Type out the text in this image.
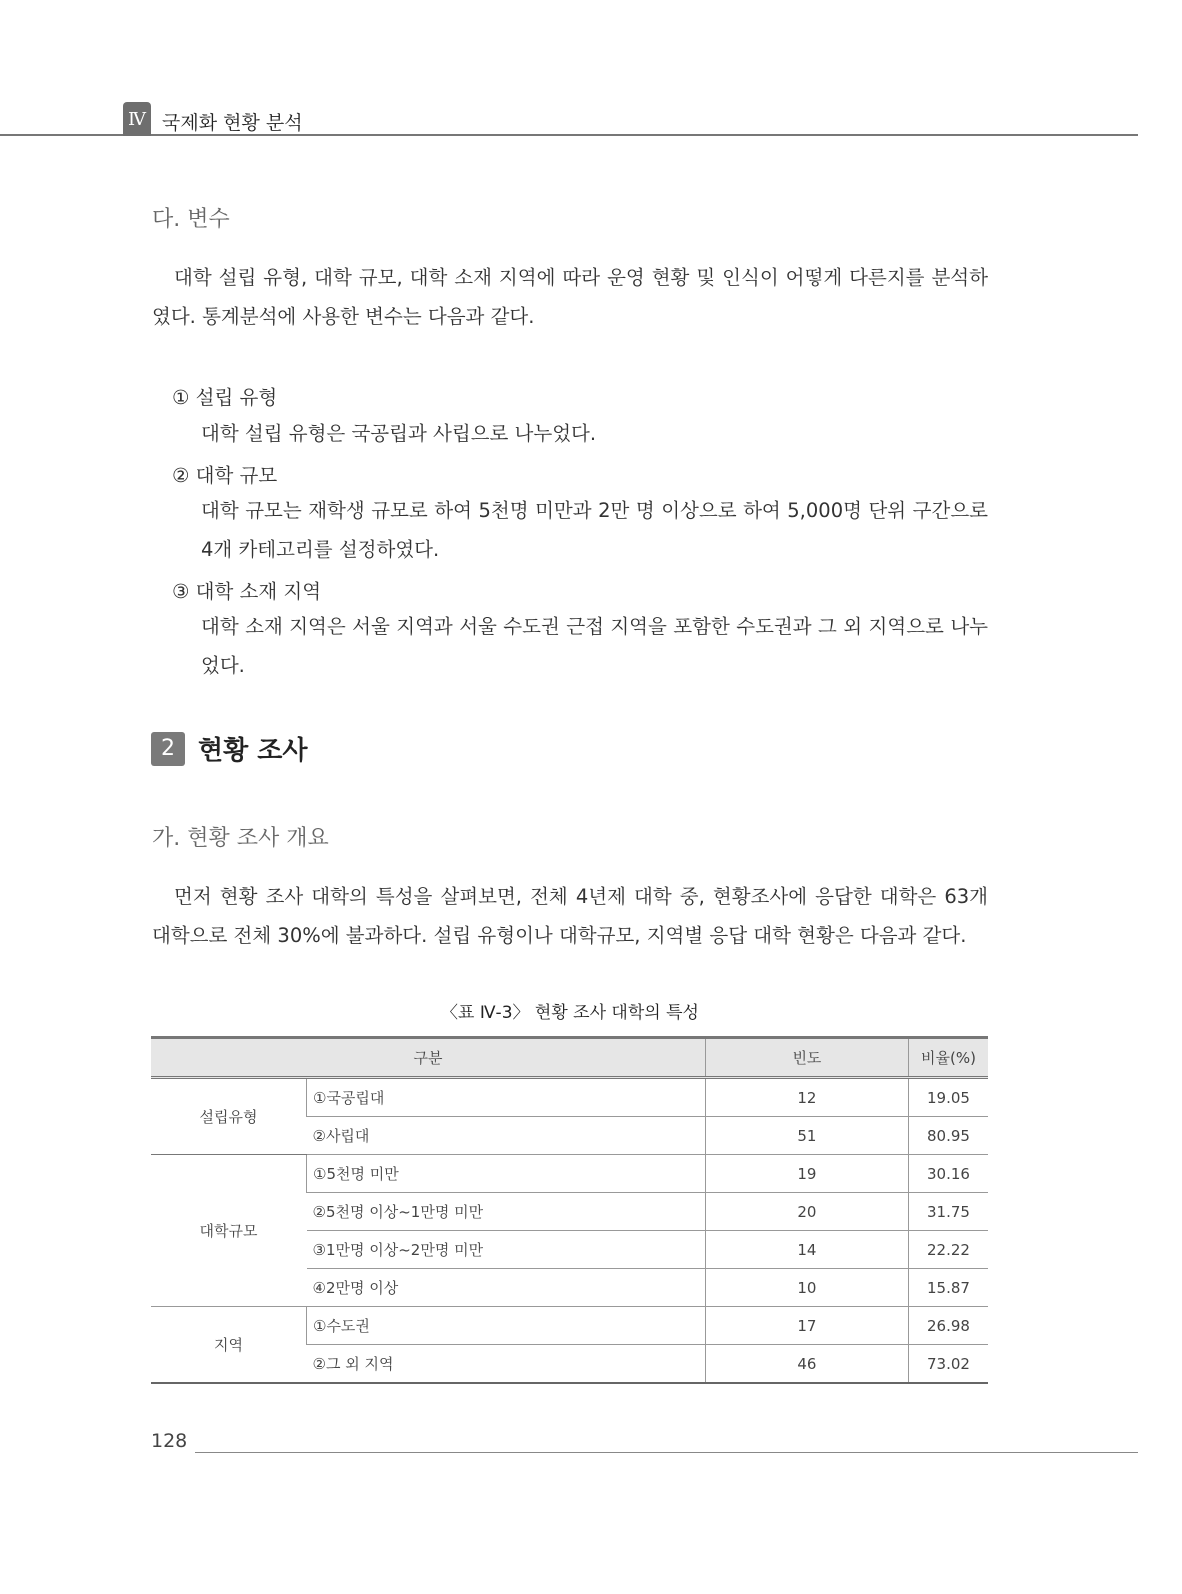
Ⅳ 국제화 현황 분석
다. 변수
대학 설립 유형, 대학 규모, 대학 소재 지역에 따라 운영 현황 및 인식이 어떻게 다른지를 분석하였다. 통계분석에 사용한 변수는 다음과 같다.
① 설립 유형
대학 설립 유형은 국공립과 사립으로 나누었다.
② 대학 규모
대학 규모는 재학생 규모로 하여 5천명 미만과 2만 명 이상으로 하여 5,000명 단위 구간으로 4개 카테고리를 설정하였다.
③ 대학 소재 지역
대학 소재 지역은 서울 지역과 서울 수도권 근접 지역을 포함한 수도권과 그 외 지역으로 나누었다.
2 현황 조사
가. 현황 조사 개요
먼저 현황 조사 대학의 특성을 살펴보면, 전체 4년제 대학 중, 현황조사에 응답한 대학은 63개 대학으로 전체 30%에 불과하다. 설립 유형이나 대학규모, 지역별 응답 대학 현황은 다음과 같다.
〈표 Ⅳ-3〉 현황 조사 대학의 특성
구분		빈도	비율(%)
설립유형	①국공립대	12	19.05
	②사립대	51	80.95
대학규모	①5천명 미만	19	30.16
	②5천명 이상~1만명 미만	20	31.75
	③1만명 이상~2만명 미만	14	22.22
	④2만명 이상	10	15.87
지역	①수도권	17	26.98
	②그 외 지역	46	73.02
128
